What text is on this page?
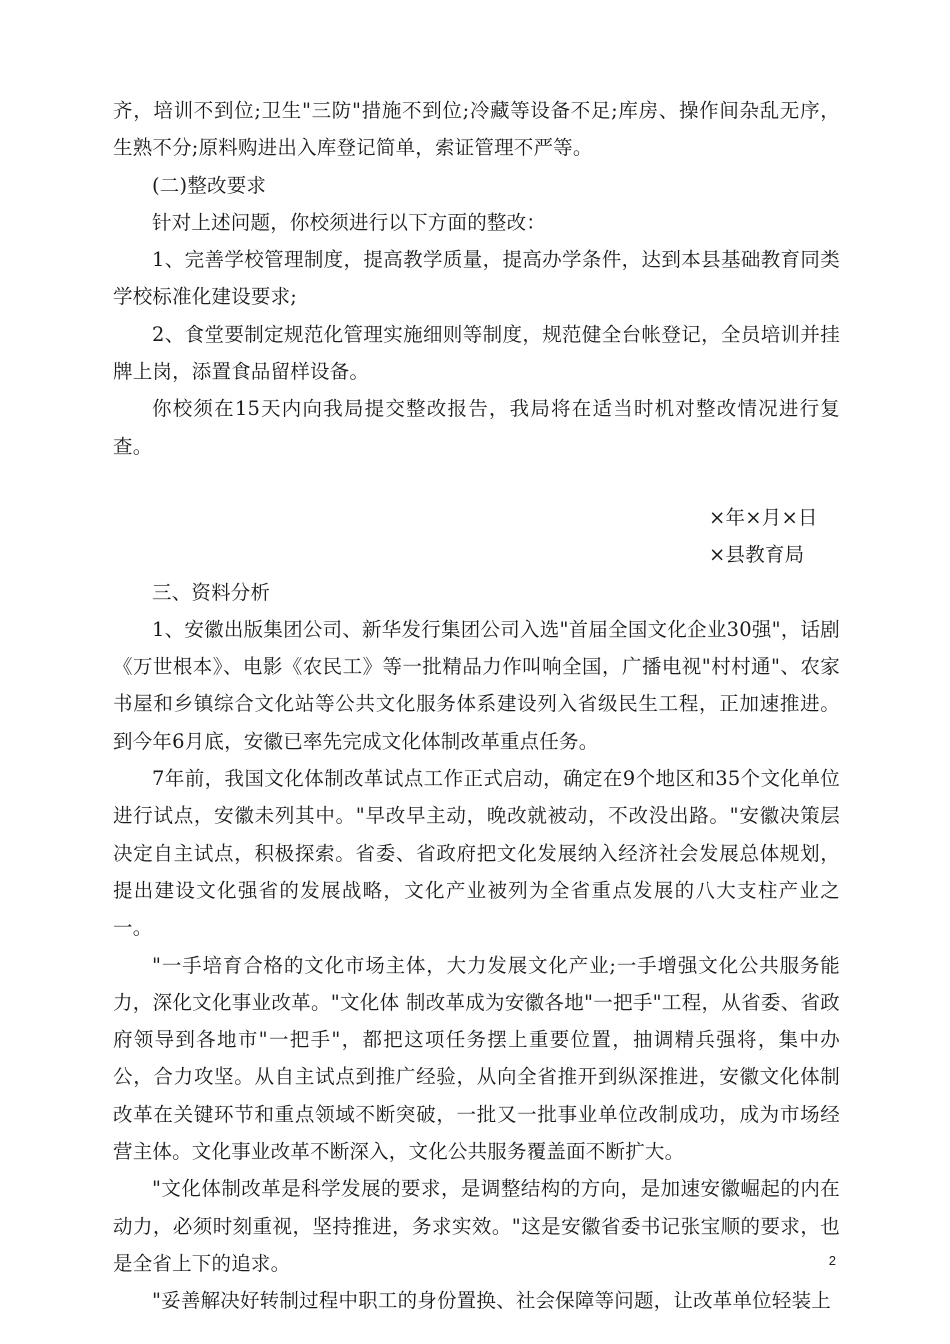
齐，培训不到位;卫生"三防"措施不到位;冷藏等设备不足;库房、操作间杂乱无序，生熟不分;原料购进出入库登记简单，索证管理不严等。

(二)整改要求

针对上述问题，你校须进行以下方面的整改：

1、完善学校管理制度，提高教学质量，提高办学条件，达到本县基础教育同类学校标准化建设要求;

2、食堂要制定规范化管理实施细则等制度，规范健全台帐登记，全员培训并挂牌上岗，添置食品留样设备。

你校须在15天内向我局提交整改报告，我局将在适当时机对整改情况进行复查。

×年×月×日

×县教育局

三、资料分析

1、安徽出版集团公司、新华发行集团公司入选"首届全国文化企业30强"，话剧《万世根本》、电影《农民工》等一批精品力作叫响全国，广播电视"村村通"、农家书屋和乡镇综合文化站等公共文化服务体系建设列入省级民生工程，正加速推进。到今年6月底，安徽已率先完成文化体制改革重点任务。

7年前，我国文化体制改革试点工作正式启动，确定在9个地区和35个文化单位进行试点，安徽未列其中。"早改早主动，晚改就被动，不改没出路。"安徽决策层决定自主试点，积极探索。省委、省政府把文化发展纳入经济社会发展总体规划，提出建设文化强省的发展战略，文化产业被列为全省重点发展的八大支柱产业之一。

"一手培育合格的文化市场主体，大力发展文化产业;一手增强文化公共服务能力，深化文化事业改革。"文化体 制改革成为安徽各地"一把手"工程，从省委、省政府领导到各地市"一把手"，都把这项任务摆上重要位置，抽调精兵强将，集中办公，合力攻坚。从自主试点到推广经验，从向全省推开到纵深推进，安徽文化体制改革在关键环节和重点领域不断突破，一批又一批事业单位改制成功，成为市场经营主体。文化事业改革不断深入，文化公共服务覆盖面不断扩大。

"文化体制改革是科学发展的要求，是调整结构的方向，是加速安徽崛起的内在动力，必须时刻重视，坚持推进，务求实效。"这是安徽省委书记张宝顺的要求，也是全省上下的追求。

"妥善解决好转制过程中职工的身份置换、社会保障等问题，让改革单位轻装上

2
